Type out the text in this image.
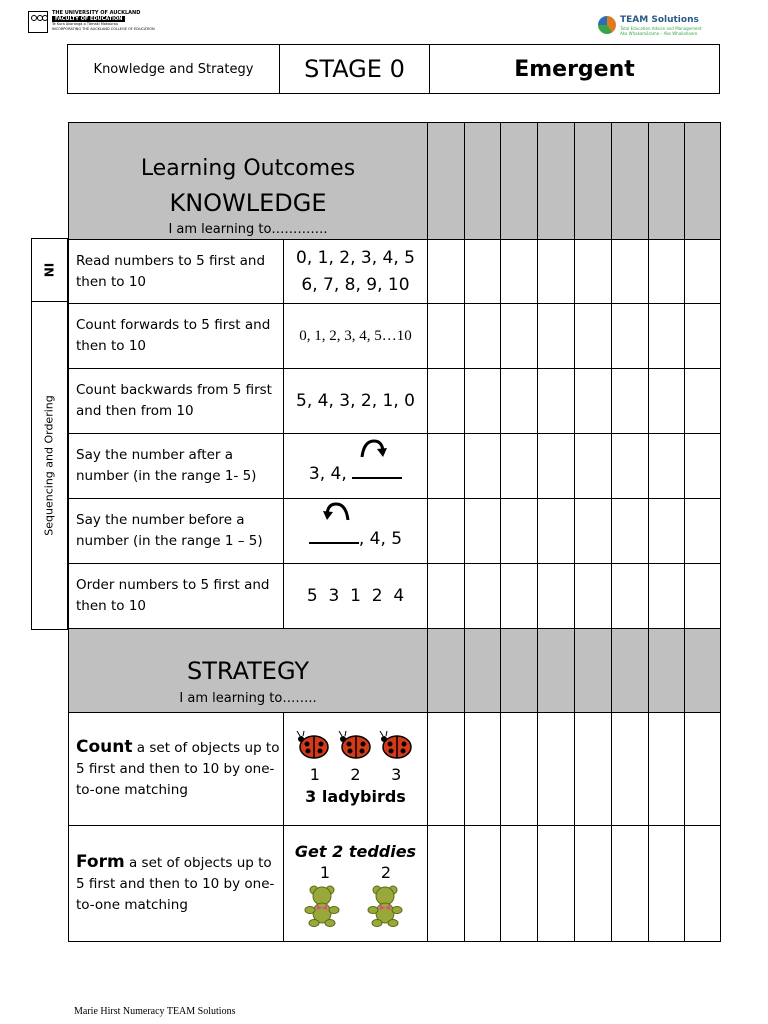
THE UNIVERSITY OF AUCKLAND
FACULTY OF EDUCATION
Te Kura Akoranga o Tāmaki Makaurau
INCORPORATING THE AUCKLAND COLLEGE OF EDUCATION
TEAM Solutions
Total Education Advice and Management
Ako Whakamārama – Ako Whakahaere
Knowledge and Strategy	STAGE 0	Emergent
NI
Sequencing and Ordering
Learning Outcomes
KNOWLEDGE
I am learning to………….									

Read numbers to 5 first and then to 10	0, 1, 2, 3, 4, 5
6, 7, 8, 9, 10								

Count forwards to 5 first and then to 10	0, 1, 2, 3, 4, 5…10								
Count backwards from 5 first and then from 10	5, 4, 3, 2, 1, 0								
Say the number after a number (in the range 1- 5)	3, 4,								
Say the number before a number (in the range 1 – 5)	, 4, 5								
Order numbers to 5 first and then to 10	5  3  1  2  4								

STRATEGY
I am learning to……..									

Count a set of objects up to 5 first and then to 10 by one-to-one matching	1      2      3
3 ladybirds								

Form a set of objects up to 5 first and then to 10 by one-to-one matching	Get 2 teddies
1          2								

Marie Hirst Numeracy TEAM Solutions
